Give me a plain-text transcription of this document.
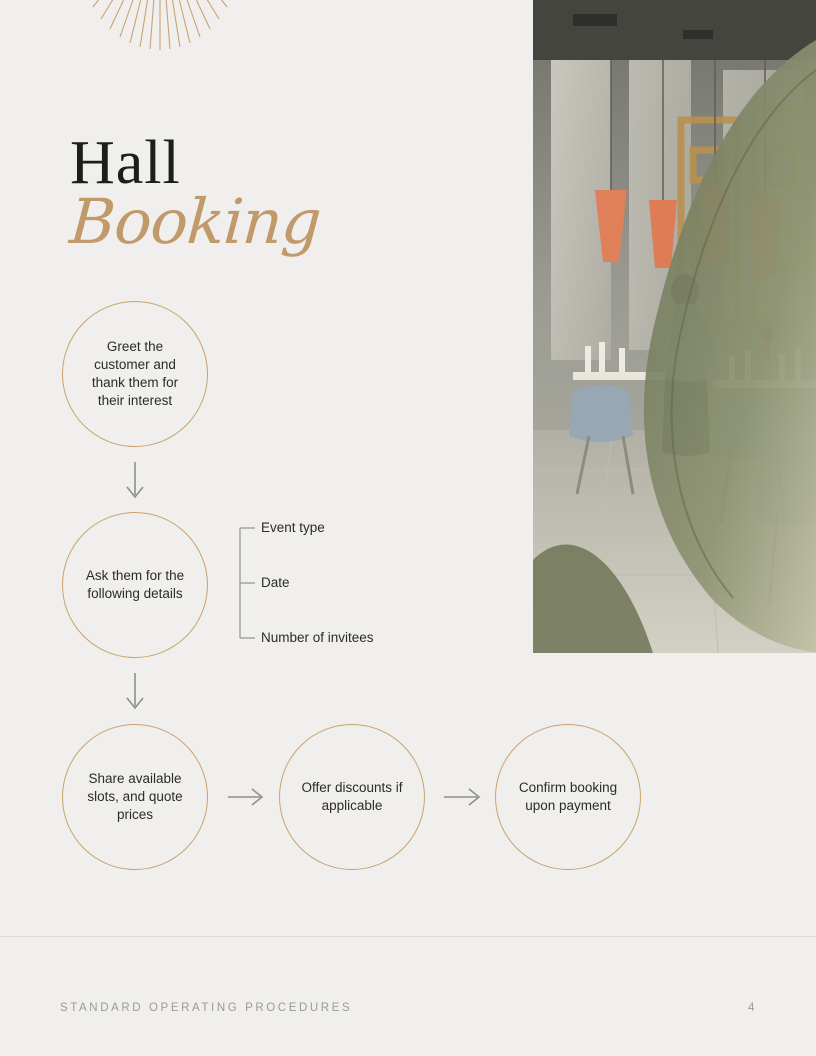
Hall
Booking
Greet the customer and thank them for their interest
Ask them for the following details
Share available slots, and quote prices
Offer discounts if applicable
Confirm booking upon payment
Event type
Date
Number of invitees
STANDARD OPERATING PROCEDURES	4
